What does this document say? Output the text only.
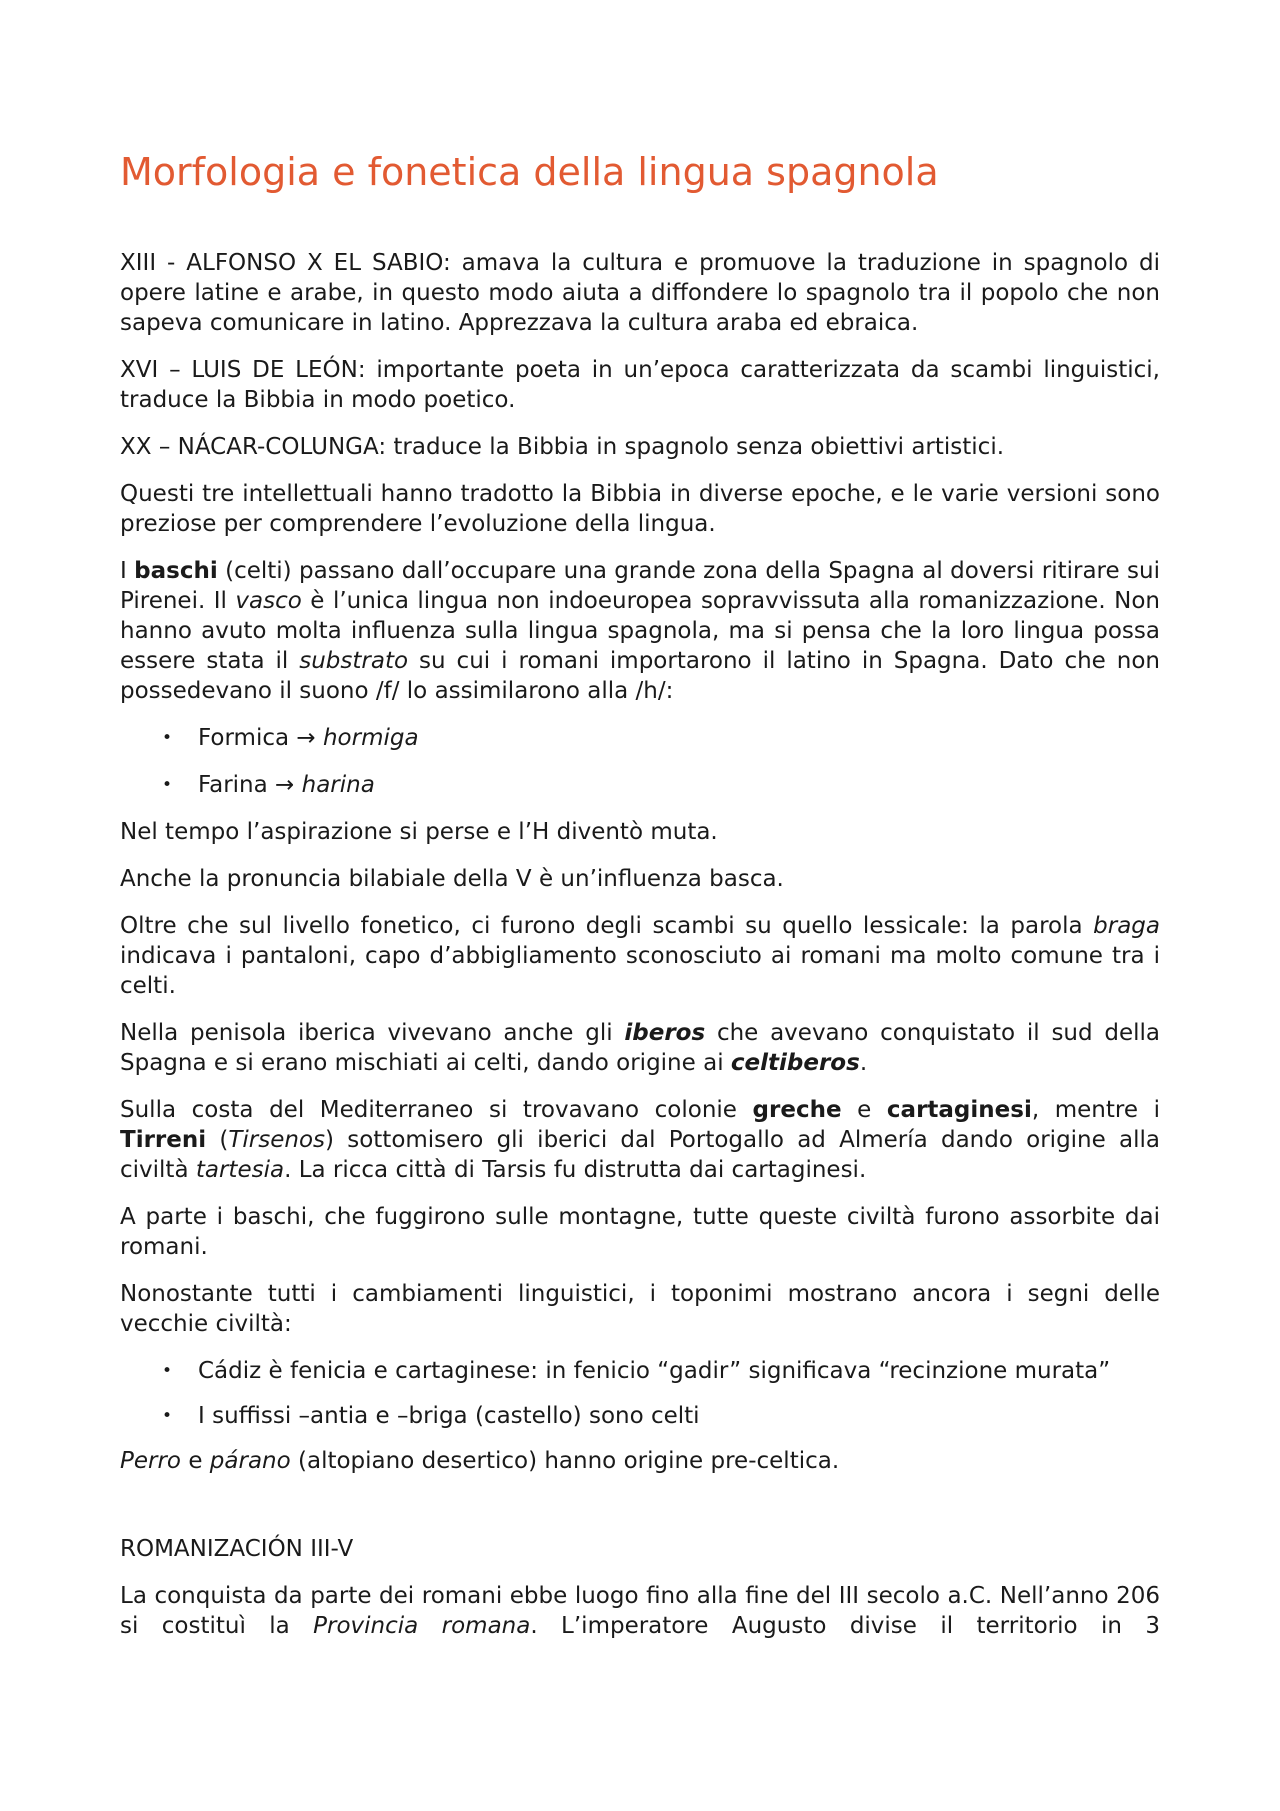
Morfologia e fonetica della lingua spagnola

XIII - ALFONSO X EL SABIO: amava la cultura e promuove la traduzione in spagnolo di opere latine e arabe, in questo modo aiuta a diffondere lo spagnolo tra il popolo che non sapeva comunicare in latino. Apprezzava la cultura araba ed ebraica.

XVI – LUIS DE LEÓN: importante poeta in un’epoca caratterizzata da scambi linguistici, traduce la Bibbia in modo poetico.

XX – NÁCAR-COLUNGA: traduce la Bibbia in spagnolo senza obiettivi artistici.

Questi tre intellettuali hanno tradotto la Bibbia in diverse epoche, e le varie versioni sono preziose per comprendere l’evoluzione della lingua.

I baschi (celti) passano dall’occupare una grande zona della Spagna al doversi ritirare sui Pirenei. Il vasco è l’unica lingua non indoeuropea sopravvissuta alla romanizzazione. Non hanno avuto molta influenza sulla lingua spagnola, ma si pensa che la loro lingua possa essere stata il substrato su cui i romani importarono il latino in Spagna. Dato che non possedevano il suono /f/ lo assimilarono alla /h/:

• Formica → hormiga
• Farina → harina

Nel tempo l’aspirazione si perse e l’H diventò muta.

Anche la pronuncia bilabiale della V è un’influenza basca.

Oltre che sul livello fonetico, ci furono degli scambi su quello lessicale: la parola braga indicava i pantaloni, capo d’abbigliamento sconosciuto ai romani ma molto comune tra i celti.

Nella penisola iberica vivevano anche gli iberos che avevano conquistato il sud della Spagna e si erano mischiati ai celti, dando origine ai celtiberos.

Sulla costa del Mediterraneo si trovavano colonie greche e cartaginesi, mentre i Tirreni (Tirsenos) sottomisero gli iberici dal Portogallo ad Almería dando origine alla civiltà tartesia. La ricca città di Tarsis fu distrutta dai cartaginesi.

A parte i baschi, che fuggirono sulle montagne, tutte queste civiltà furono assorbite dai romani.

Nonostante tutti i cambiamenti linguistici, i toponimi mostrano ancora i segni delle vecchie civiltà:

• Cádiz è fenicia e cartaginese: in fenicio “gadir” significava “recinzione murata”
• I suffissi –antia e –briga (castello) sono celti

Perro e párano (altopiano desertico) hanno origine pre-celtica.

ROMANIZACIÓN III-V

La conquista da parte dei romani ebbe luogo fino alla fine del III secolo a.C. Nell’anno 206 si costituì la Provincia romana. L’imperatore Augusto divise il territorio in 3
